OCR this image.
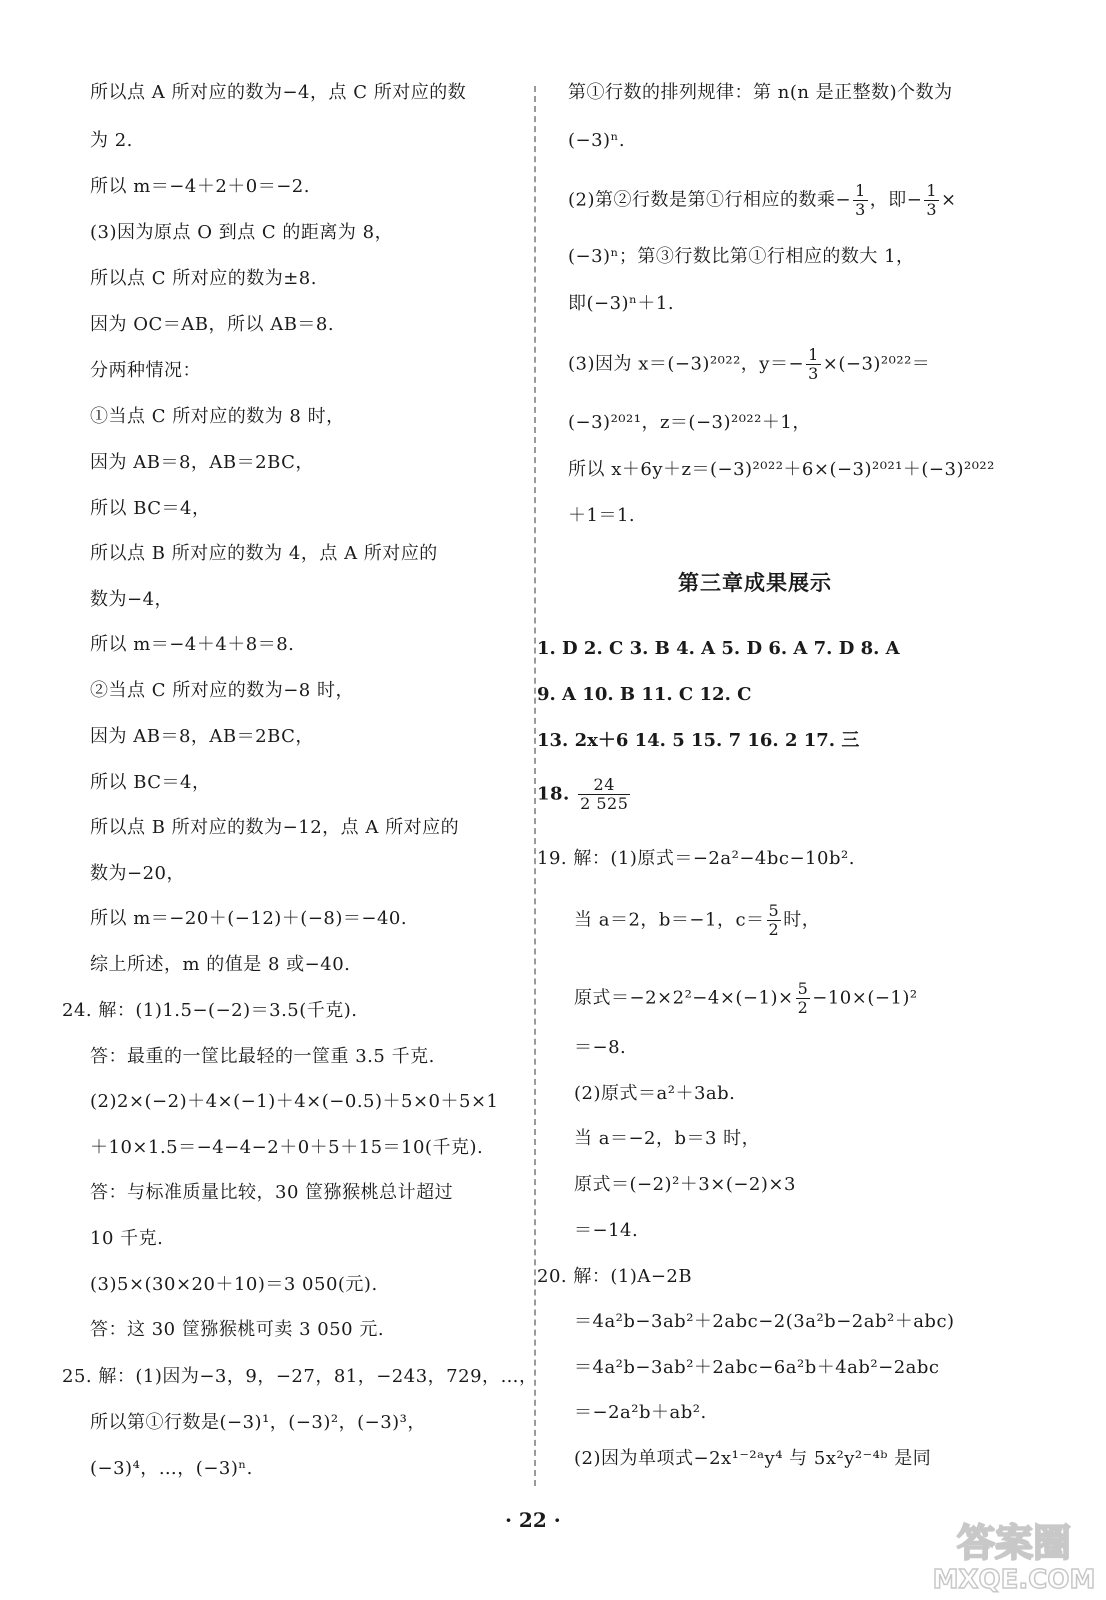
所以点 A 所对应的数为−4，点 C 所对应的数
为 2.
所以 m＝−4＋2＋0＝−2.
(3)因为原点 O 到点 C 的距离为 8，
所以点 C 所对应的数为±8.
因为 OC＝AB，所以 AB＝8.
分两种情况：
①当点 C 所对应的数为 8 时，
因为 AB＝8，AB＝2BC，
所以 BC＝4，
所以点 B 所对应的数为 4，点 A 所对应的
数为−4，
所以 m＝−4＋4＋8＝8.
②当点 C 所对应的数为−8 时，
因为 AB＝8，AB＝2BC，
所以 BC＝4，
所以点 B 所对应的数为−12，点 A 所对应的
数为−20，
所以 m＝−20＋(−12)＋(−8)＝−40.
综上所述，m 的值是 8 或−40.
24. 解：(1)1.5−(−2)＝3.5(千克).
答：最重的一筐比最轻的一筐重 3.5 千克.
(2)2×(−2)＋4×(−1)＋4×(−0.5)＋5×0＋5×1
＋10×1.5＝−4−4−2＋0＋5＋15＝10(千克).
答：与标准质量比较，30 筐猕猴桃总计超过
10 千克.
(3)5×(30×20＋10)＝3 050(元).
答：这 30 筐猕猴桃可卖 3 050 元.
25. 解：(1)因为−3，9，−27，81，−243，729，…，
所以第①行数是(−3)¹，(−3)²，(−3)³，
(−3)⁴，…，(−3)ⁿ.
第①行数的排列规律：第 n(n 是正整数)个数为
(−3)ⁿ.
(2)第②行数是第①行相应的数乘− $\frac{1}{3}$ ，即− $\frac{1}{3}$ ×
(−3)ⁿ；第③行数比第①行相应的数大 1，
即(−3)ⁿ＋1.
(3)因为 x＝(−3)²⁰²²，$y=- \frac{1}{3} \times(-3)^{2022}=$
(−3)²⁰²¹，z＝(−3)²⁰²²＋1，
所以 x＋6y＋z＝(−3)²⁰²²＋6×(−3)²⁰²¹＋(−3)²⁰²²
＋1＝1.
第三章成果展示
1. D 2. C 3. B 4. A 5. D 6. A 7. D 8. A
9. A 10. B 11. C 12. C
13. 2x＋6 14. 5 15. 7 16. 2 17. 三
18. $\frac{24}{2 525}$
19. 解：(1)原式＝−2a²−4bc−10b².
当 a＝2，b＝−1，$c= \frac{5}{2}$ 时，
原式$=-2\times 2^2-4\times(-1)\times \frac{5}{2} -10\times(-1)^2$
＝−8.
(2)原式＝a²＋3ab.
当 a＝−2，b＝3 时，
原式＝(−2)²＋3×(−2)×3
＝−14.
20. 解：(1)A−2B
＝4a²b−3ab²＋2abc−2(3a²b−2ab²＋abc)
＝4a²b−3ab²＋2abc−6a²b＋4ab²−2abc
＝−2a²b＋ab².
(2)因为单项式−2x¹⁻²ᵃy⁴ 与 5x²y²⁻⁴ᵇ 是同
· 22 ·
答案圈
MXQE.COM
